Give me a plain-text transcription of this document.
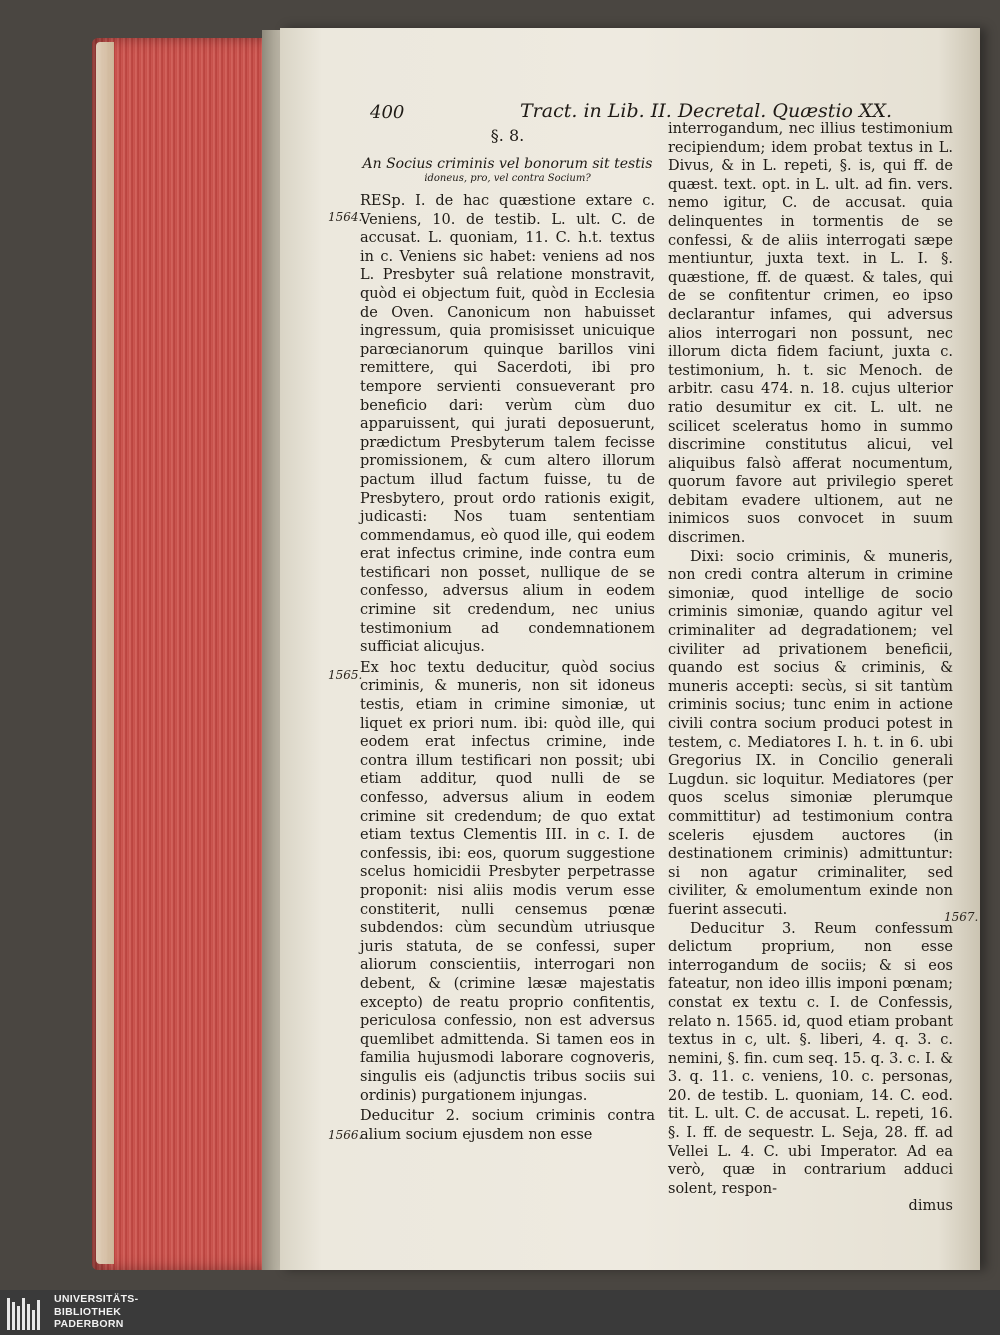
400	Tract. in Lib. II. Decretal. Quæstio XX.

§. 8.

An Socius criminis vel bonorum sit testis

idoneus, pro, vel contra Socium?

RESp. I. de hac quæstione extare c. Veniens, 10. de testib. L. ult. C. de accusat. L. quoniam, 11. C. h.t. textus in c. Veniens sic habet: veniens ad nos L. Presbyter suâ relatione monstravit, quòd ei objectum fuit, quòd in Ecclesia de Oven. Canonicum non habuisset ingressum, quia promisisset unicuique parœcianorum quinque barillos vini remittere, qui Sacerdoti, ibi pro tempore servienti consueverant pro beneficio dari: verùm cùm duo apparuissent, qui jurati deposuerunt, prædictum Presbyterum talem fecisse promissionem, & cum altero illorum pactum illud factum fuisse, tu de Presbytero, prout ordo rationis exigit, judicasti: Nos tuam sententiam commendamus, eò quod ille, qui eodem erat infectus crimine, inde contra eum testificari non posset, nullique de se confesso, adversus alium in eodem crimine sit credendum, nec unius testimonium ad condemnationem sufficiat alicujus.

Ex hoc textu deducitur, quòd socius criminis, & muneris, non sit idoneus testis, etiam in crimine simoniæ, ut liquet ex priori num. ibi: quòd ille, qui eodem erat infectus crimine, inde contra illum testificari non possit; ubi etiam additur, quod nulli de se confesso, adversus alium in eodem crimine sit credendum; de quo extat etiam textus Clementis III. in c. I. de confessis, ibi: eos, quorum suggestione scelus homicidii Presbyter perpetrasse proponit: nisi aliis modis verum esse constiterit, nulli censemus pœnæ subdendos: cùm secundùm utriusque juris statuta, de se confessi, super aliorum conscientiis, interrogari non debent, & (crimine læsæ majestatis excepto) de reatu proprio confitentis, periculosa confessio, non est adversus quemlibet admittenda. Si tamen eos in familia hujusmodi laborare cognoveris, singulis eis (adjunctis tribus sociis sui ordinis) purgationem injungas.

Deducitur 2. socium criminis contra alium socium ejusdem non esse

1564.
1565.
1566.

interrogandum, nec illius testimonium recipiendum; idem probat textus in L. Divus, & in L. repeti, §. is, qui ff. de quæst. text. opt. in L. ult. ad fin. vers. nemo igitur, C. de accusat. quia delinquentes in tormentis de se confessi, & de aliis interrogati sæpe mentiuntur, juxta text. in L. I. §. quæstione, ff. de quæst. & tales, qui de se confitentur crimen, eo ipso declarantur infames, qui adversus alios interrogari non possunt, nec illorum dicta fidem faciunt, juxta c. testimonium, h. t. sic Menoch. de arbitr. casu 474. n. 18. cujus ulterior ratio desumitur ex cit. L. ult. ne scilicet sceleratus homo in summo discrimine constitutus alicui, vel aliquibus falsò afferat nocumentum, quorum favore aut privilegio speret debitam evadere ultionem, aut ne inimicos suos convocet in suum discrimen.

Dixi: socio criminis, & muneris, non credi contra alterum in crimine simoniæ, quod intellige de socio criminis simoniæ, quando agitur vel criminaliter ad degradationem; vel civiliter ad privationem beneficii, quando est socius & criminis, & muneris accepti: secùs, si sit tantùm criminis socius; tunc enim in actione civili contra socium produci potest in testem, c. Mediatores I. h. t. in 6. ubi Gregorius IX. in Concilio generali Lugdun. sic loquitur. Mediatores (per quos scelus simoniæ plerumque committitur) ad testimonium contra sceleris ejusdem auctores (in destinationem criminis) admittuntur: si non agatur criminaliter, sed civiliter, & emolumentum exinde non fuerint assecuti.

Deducitur 3. Reum confessum delictum proprium, non esse interrogandum de sociis; & si eos fateatur, non ideo illis imponi pœnam; constat ex textu c. I. de Confessis, relato n. 1565. id, quod etiam probant textus in c, ult. §. liberi, 4. q. 3. c. nemini, §. fin. cum seq. 15. q. 3. c. I. & 3. q. 11. c. veniens, 10. c. personas, 20. de testib. L. quoniam, 14. C. eod. tit. L. ult. C. de accusat. L. repeti, 16. §. I. ff. de sequestr. L. Seja, 28. ff. ad Vellei L. 4. C. ubi Imperator. Ad ea verò, quæ in contrarium adduci solent, respon-

dimus

1567.
UNIVERSITÄTS-
BIBLIOTHEK
PADERBORN
